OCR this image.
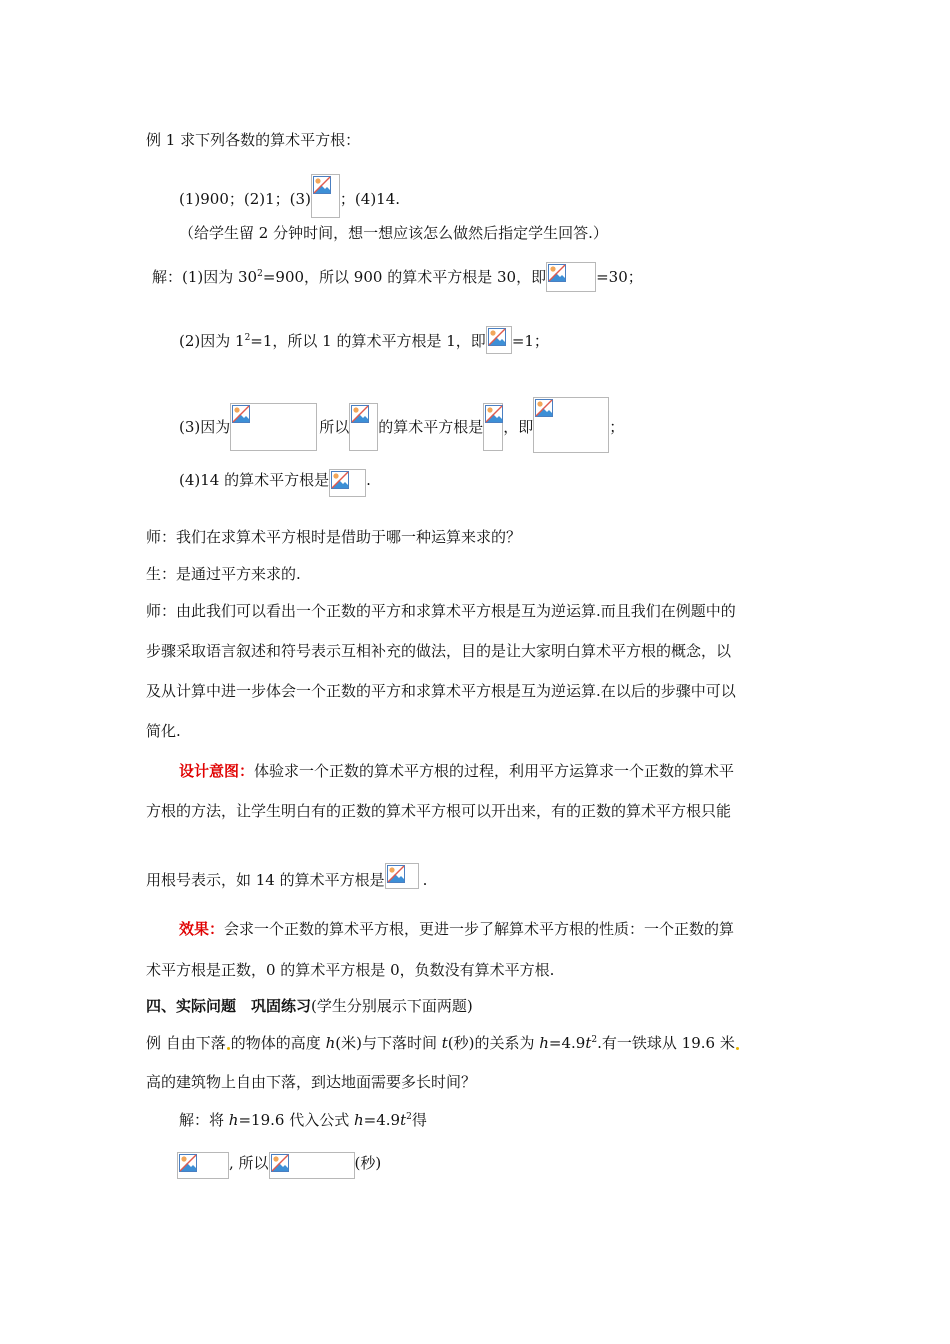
例 1 求下列各数的算术平方根：
(1)900；(2)1；(3) ；(4)14.
（给学生留 2 分钟时间，想一想应该怎么做然后指定学生回答.）
解：(1)因为 $30^2=900$，所以 900 的算术平方根是 30，即	=30；
(2)因为 $1^2=1$，所以 1 的算术平方根是 1，即 =1；
(3)因为	所以 的算术平方根是 ，即	；
(4)14 的算术平方根是 .
师：我们在求算术平方根时是借助于哪一种运算来求的？
生：是通过平方来求的.
师：由此我们可以看出一个正数的平方和求算术平方根是互为逆运算.而且我们在例题中的
步骤采取语言叙述和符号表示互相补充的做法，目的是让大家明白算术平方根的概念，以
及从计算中进一步体会一个正数的平方和求算术平方根是互为逆运算.在以后的步骤中可以
简化.
设计意图：体验求一个正数的算术平方根的过程，利用平方运算求一个正数的算术平
方根的方法，让学生明白有的正数的算术平方根可以开出来，有的正数的算术平方根只能
用根号表示，如 14 的算术平方根是	.
效果：会求一个正数的算术平方根，更进一步了解算术平方根的性质：一个正数的算
术平方根是正数，0 的算术平方根是 0，负数没有算术平方根.
四、实际问题　巩固练习(学生分别展示下面两题)
例 自由下落 的物体的高度 h(米)与下落时间 t(秒)的关系为 $h=4.9t^2$.有一铁球从 19.6 米
高的建筑物上自由下落，到达地面需要多长时间？
解：将 h=19.6 代入公式 $h=4.9t^2$得
, 所以	(秒)
